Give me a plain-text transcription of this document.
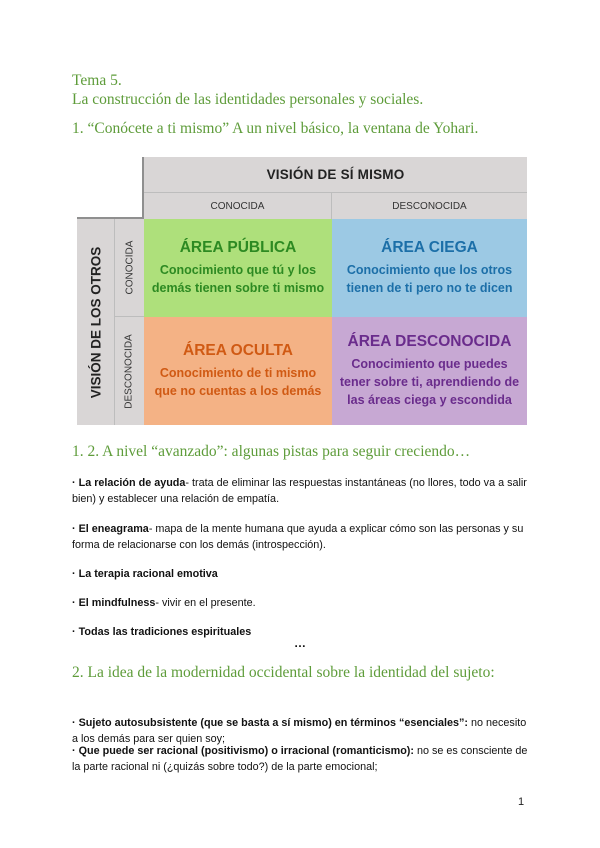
Tema 5.
La construcción de las identidades personales y sociales.
1. “Conócete a ti mismo” A un nivel básico, la ventana de Yohari.
VISIÓN DE SÍ MISMO
CONOCIDA	DESCONOCIDA
VISIÓN DE LOS OTROS CONOCIDA
DESCONOCIDA
ÁREA PÚBLICA
Conocimiento que tú y los demás tienen sobre ti mismo
ÁREA CIEGA
Conocimiento que los otros tienen de ti pero no te dicen
ÁREA OCULTA
Conocimiento de ti mismo que no cuentas a los demás
ÁREA DESCONOCIDA
Conocimiento que puedes tener sobre ti, aprendiendo de las áreas ciega y escondida
1. 2. A nivel “avanzado”: algunas pistas para seguir creciendo…
· La relación de ayuda- trata de eliminar las respuestas instantáneas (no llores, todo va a salir bien) y establecer una relación de empatía.
· El eneagrama- mapa de la mente humana que ayuda a explicar cómo son las personas y su forma de relacionarse con los demás (introspección).
· La terapia racional emotiva
· El mindfulness- vivir en el presente.
· Todas las tradiciones espirituales
…
2. La idea de la modernidad occidental sobre la identidad del sujeto:
· Sujeto autosubsistente (que se basta a sí mismo) en términos “esenciales”: no necesito a los demás para ser quien soy;
· Que puede ser racional (positivismo) o irracional (romanticismo): no se es consciente de la parte racional ni (¿quizás sobre todo?) de la parte emocional;
1
